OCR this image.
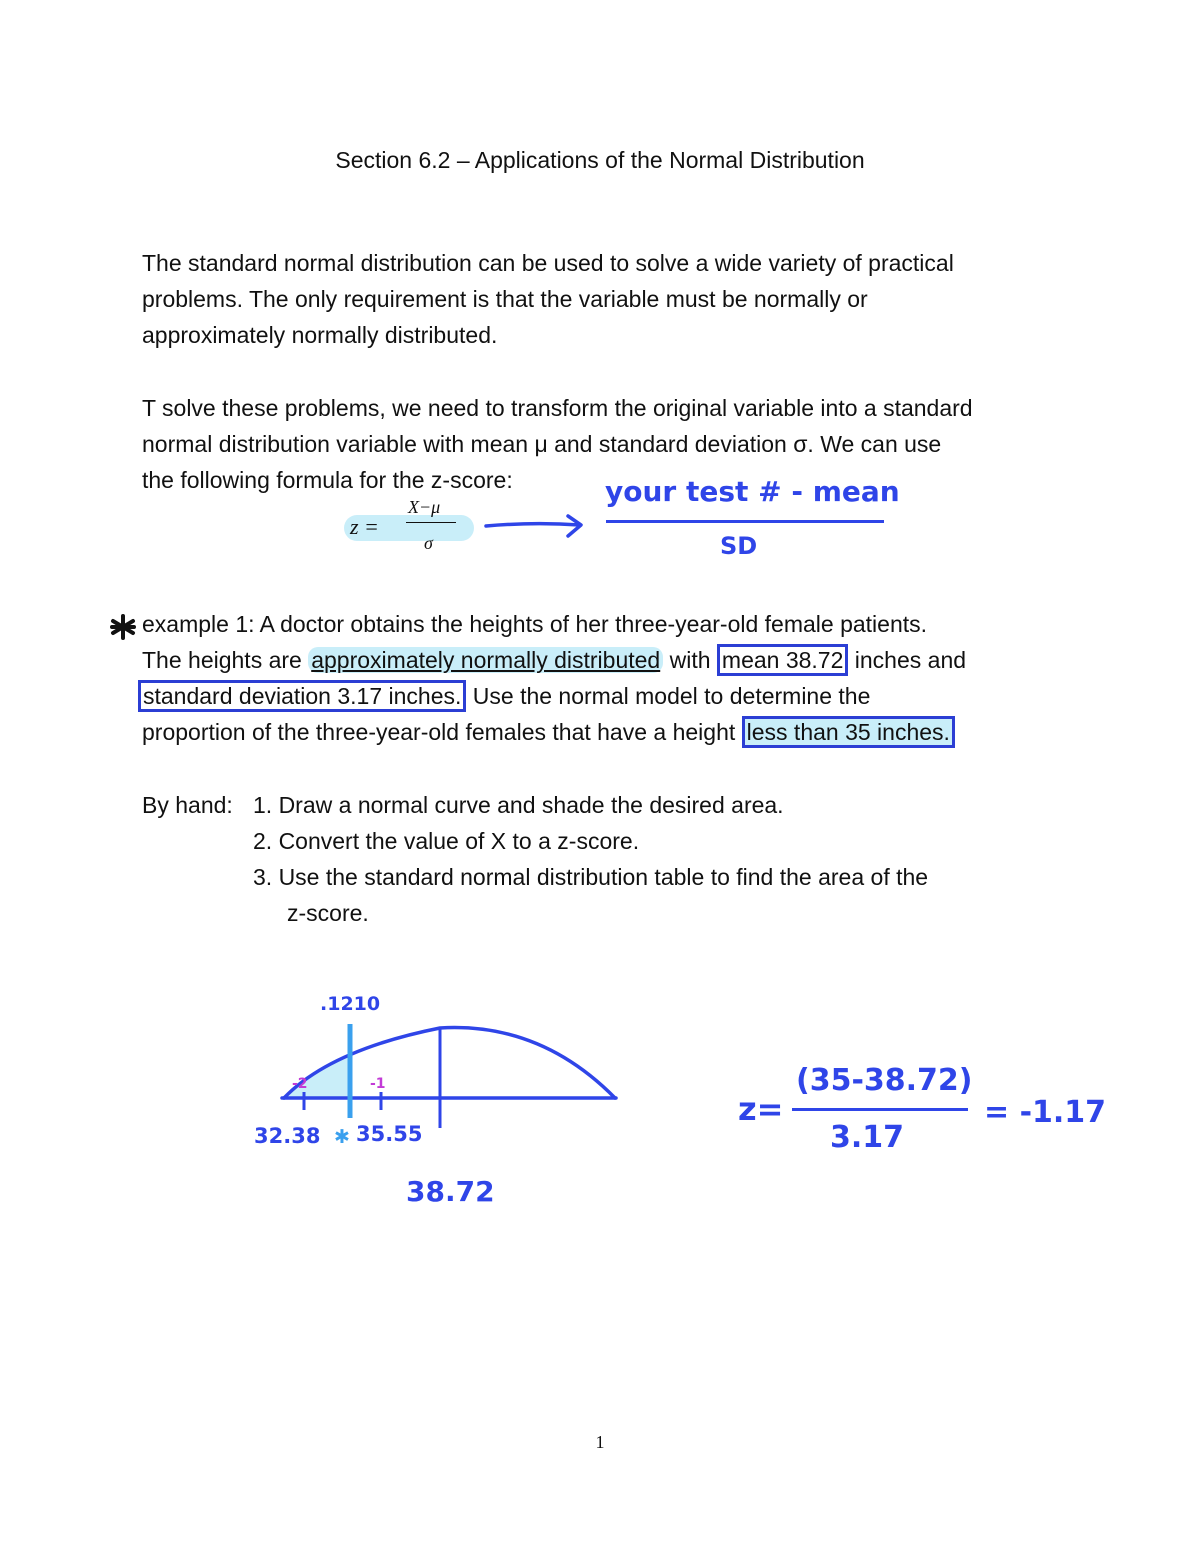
Section 6.2 – Applications of the Normal Distribution
The standard normal distribution can be used to solve a wide variety of practical
problems. The only requirement is that the variable must be normally or
approximately normally distributed.
T solve these problems, we need to transform the original variable into a standard
normal distribution variable with mean μ and standard deviation σ. We can use
the following formula for the z-score:
z =
X−μ
σ
your test # - mean
SD
example 1: A doctor obtains the heights of her three-year-old female patients.
The heights are approximately normally distributed with mean 38.72 inches and
standard deviation 3.17 inches. Use the normal model to determine the
proportion of the three-year-old females that have a height less than 35 inches.
By hand: 1. Draw a normal curve and shade the desired area.
2. Convert the value of X to a z-score.
3. Use the standard normal distribution table to find the area of the
z-score.
.1210
-2	-1
32.38 ✱ 35.55
38.72
z=
(35-38.72)
3.17
= -1.17
1
